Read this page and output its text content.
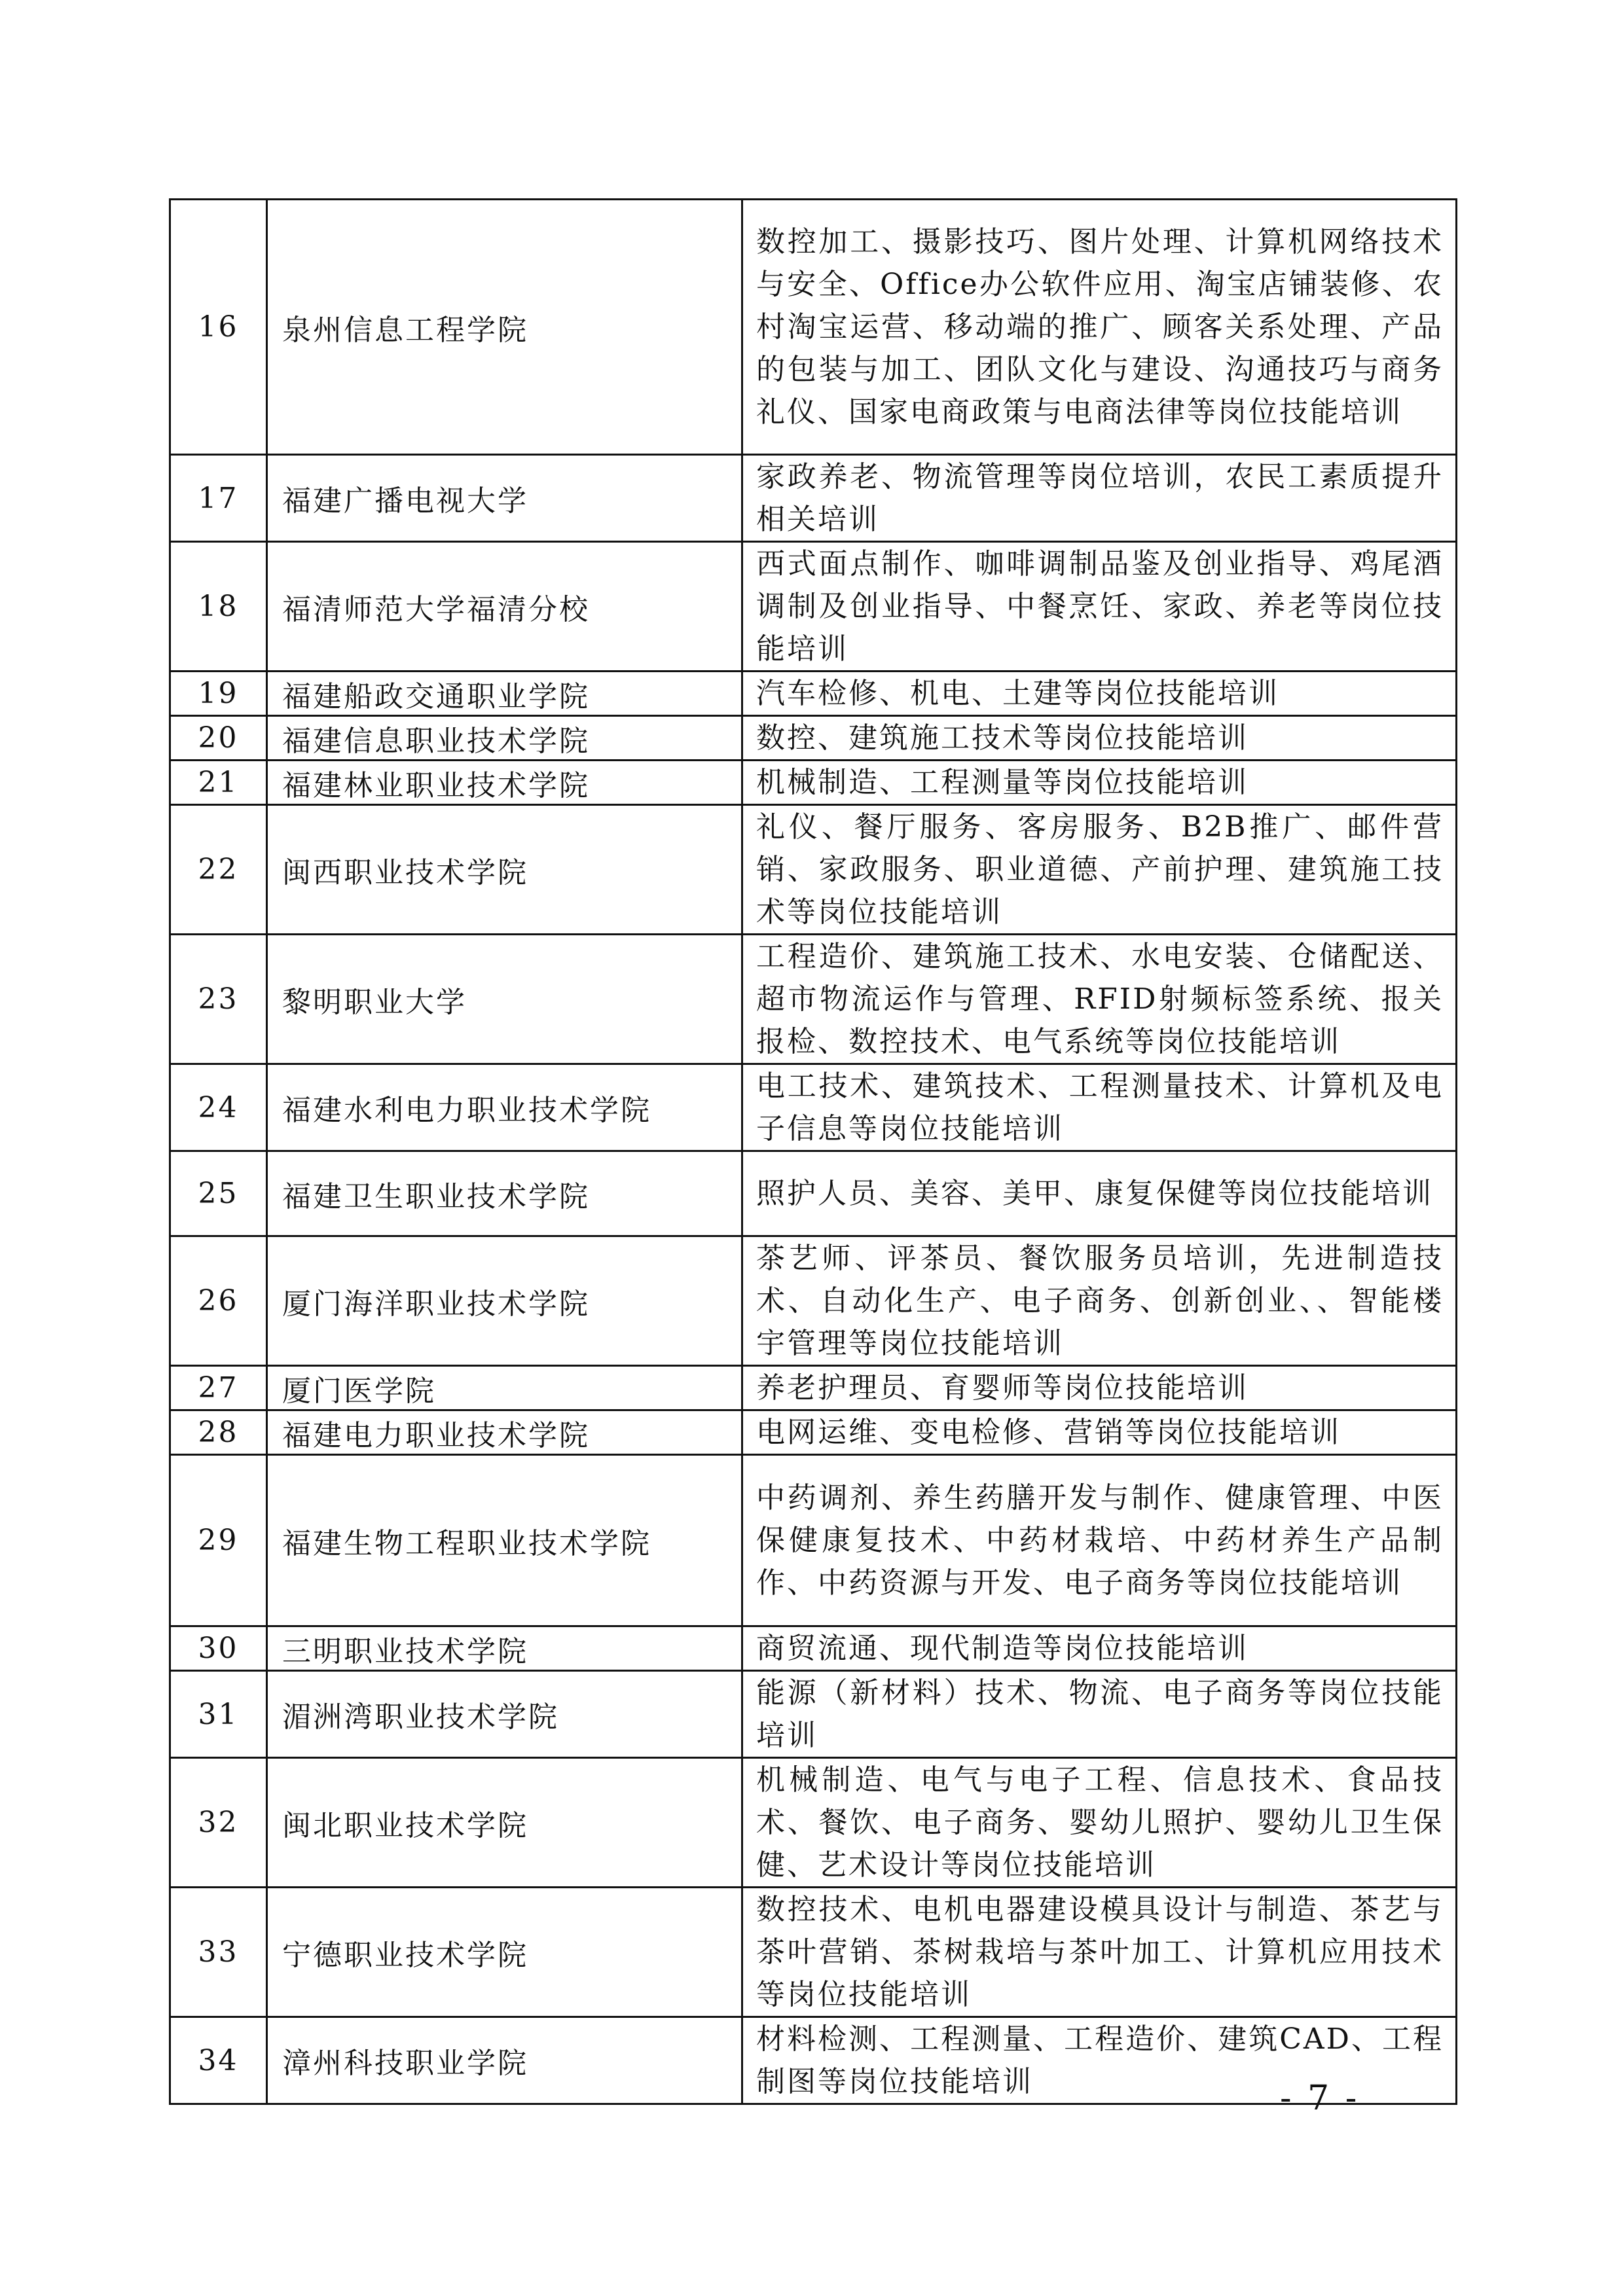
16	泉州信息工程学院	数控加工、摄影技巧、图片处理、计算机网络技术与安全、Office办公软件应用、淘宝店铺装修、农村淘宝运营、移动端的推广、顾客关系处理、产品的包装与加工、团队文化与建设、沟通技巧与商务礼仪、国家电商政策与电商法律等岗位技能培训
17	福建广播电视大学	家政养老、物流管理等岗位培训，农民工素质提升相关培训
18	福清师范大学福清分校	西式面点制作、咖啡调制品鉴及创业指导、鸡尾酒调制及创业指导、中餐烹饪、家政、养老等岗位技能培训
19	福建船政交通职业学院	汽车检修、机电、土建等岗位技能培训
20	福建信息职业技术学院	数控、建筑施工技术等岗位技能培训
21	福建林业职业技术学院	机械制造、工程测量等岗位技能培训
22	闽西职业技术学院	礼仪、餐厅服务、客房服务、B2B推广、邮件营销、家政服务、职业道德、产前护理、建筑施工技术等岗位技能培训
23	黎明职业大学	工程造价、建筑施工技术、水电安装、仓储配送、超市物流运作与管理、RFID射频标签系统、报关报检、数控技术、电气系统等岗位技能培训
24	福建水利电力职业技术学院	电工技术、建筑技术、工程测量技术、计算机及电子信息等岗位技能培训
25	福建卫生职业技术学院	照护人员、美容、美甲、康复保健等岗位技能培训
26	厦门海洋职业技术学院	茶艺师、评茶员、餐饮服务员培训，先进制造技术、自动化生产、电子商务、创新创业、、智能楼宇管理等岗位技能培训
27	厦门医学院	养老护理员、育婴师等岗位技能培训
28	福建电力职业技术学院	电网运维、变电检修、营销等岗位技能培训
29	福建生物工程职业技术学院	中药调剂、养生药膳开发与制作、健康管理、中医保健康复技术、中药材栽培、中药材养生产品制作、中药资源与开发、电子商务等岗位技能培训
30	三明职业技术学院	商贸流通、现代制造等岗位技能培训
31	湄洲湾职业技术学院	能源（新材料）技术、物流、电子商务等岗位技能培训
32	闽北职业技术学院	机械制造、电气与电子工程、信息技术、食品技术、餐饮、电子商务、婴幼儿照护、婴幼儿卫生保健、艺术设计等岗位技能培训
33	宁德职业技术学院	数控技术、电机电器建设模具设计与制造、茶艺与茶叶营销、茶树栽培与茶叶加工、计算机应用技术等岗位技能培训
34	漳州科技职业学院	材料检测、工程测量、工程造价、建筑CAD、工程制图等岗位技能培训	- 7 -
